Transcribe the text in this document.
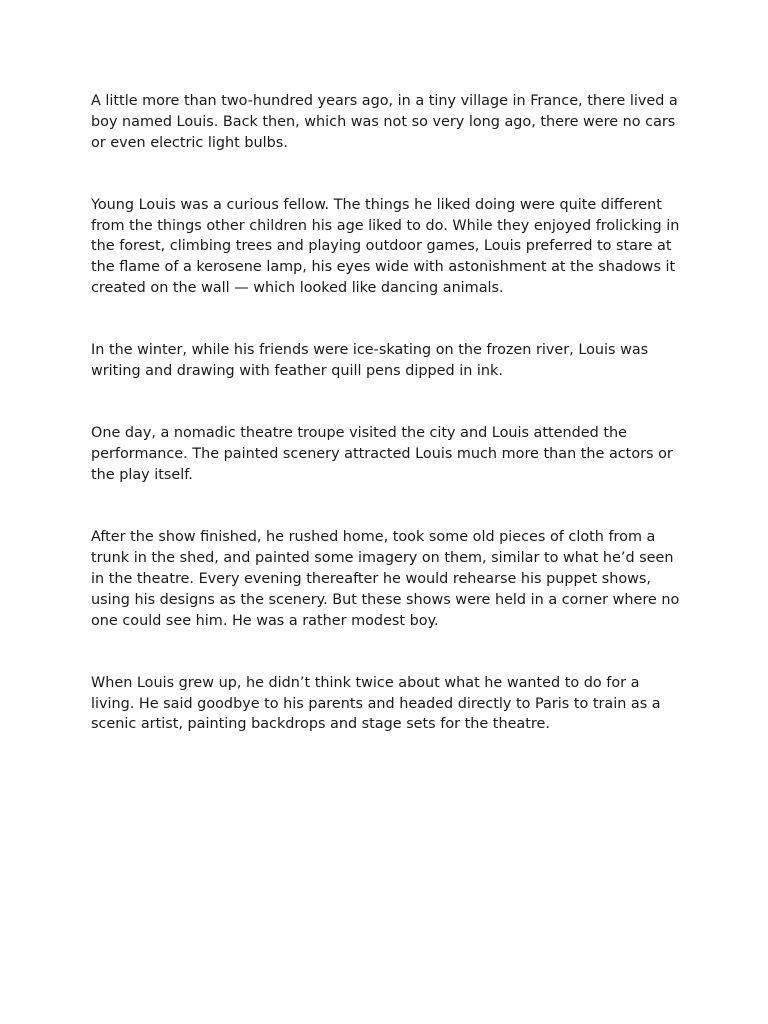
A little more than two-hundred years ago, in a tiny village in France, there lived a boy named Louis. Back then, which was not so very long ago, there were no cars or even electric light bulbs.

Young Louis was a curious fellow. The things he liked doing were quite different from the things other children his age liked to do. While they enjoyed frolicking in the forest, climbing trees and playing outdoor games, Louis preferred to stare at the flame of a kerosene lamp, his eyes wide with astonishment at the shadows it created on the wall — which looked like dancing animals.

In the winter, while his friends were ice-skating on the frozen river, Louis was writing and drawing with feather quill pens dipped in ink.

One day, a nomadic theatre troupe visited the city and Louis attended the performance. The painted scenery attracted Louis much more than the actors or the play itself.

After the show finished, he rushed home, took some old pieces of cloth from a trunk in the shed, and painted some imagery on them, similar to what he’d seen in the theatre. Every evening thereafter he would rehearse his puppet shows, using his designs as the scenery. But these shows were held in a corner where no one could see him. He was a rather modest boy.

When Louis grew up, he didn’t think twice about what he wanted to do for a living. He said goodbye to his parents and headed directly to Paris to train as a scenic artist, painting backdrops and stage sets for the theatre.
